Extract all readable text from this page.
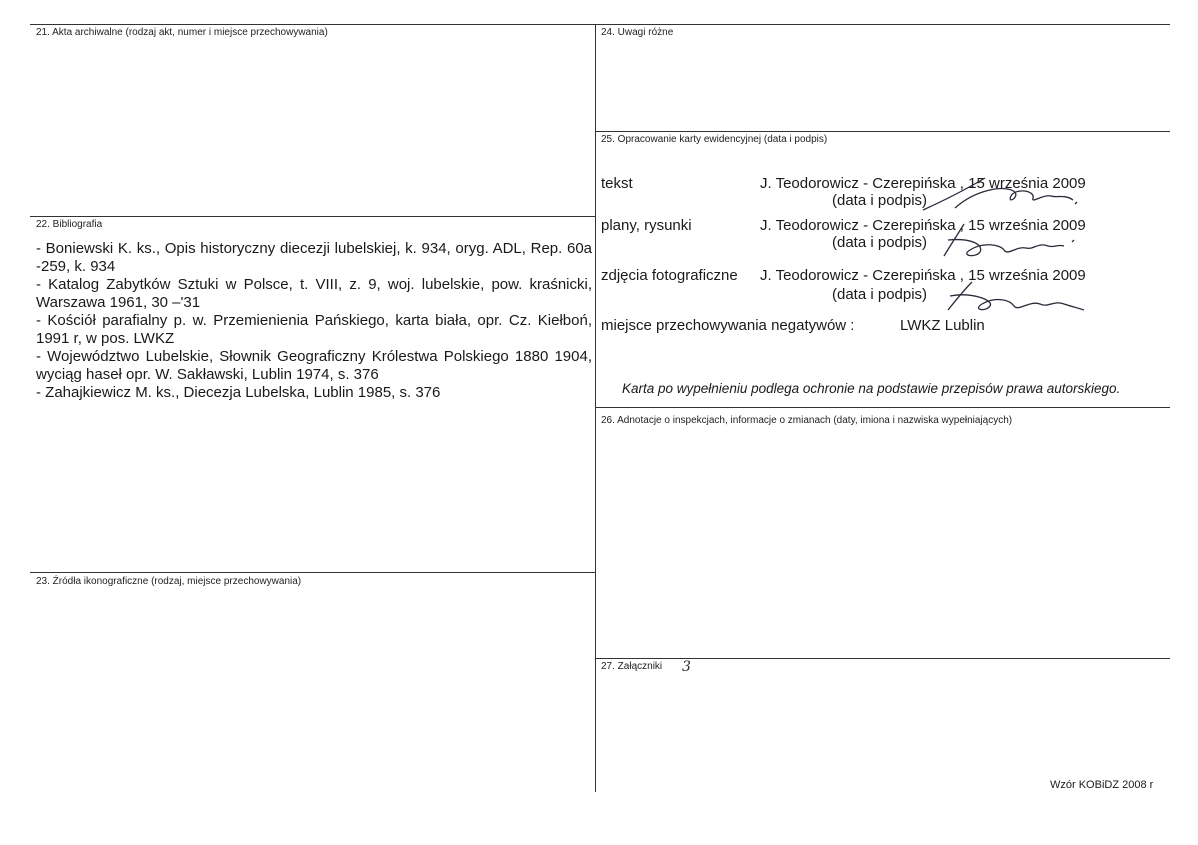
21. Akta archiwalne (rodzaj akt, numer i miejsce przechowywania)
22. Bibliografia
- Boniewski K. ks., Opis historyczny diecezji lubelskiej, k. 934, oryg. ADL, Rep. 60a -259, k. 934
- Katalog Zabytków Sztuki w Polsce, t. VIII, z. 9, woj. lubelskie, pow. kraśnicki, Warszawa 1961, 30 –'31
- Kościół parafialny p. w. Przemienienia Pańskiego, karta biała, opr. Cz. Kiełboń, 1991 r, w pos. LWKZ
- Województwo Lubelskie, Słownik Geograficzny Królestwa Polskiego 1880 1904, wyciąg haseł opr. W. Sakławski, Lublin 1974, s. 376
- Zahajkiewicz M. ks., Diecezja Lubelska, Lublin 1985, s. 376
23. Źródła ikonograficzne (rodzaj, miejsce przechowywania)
24. Uwagi różne
25. Opracowanie karty ewidencyjnej (data i podpis)
tekst	J. Teodorowicz - Czerepińska , 15 września 2009
(data i podpis)
plany, rysunki	J. Teodorowicz - Czerepińska , 15 września 2009
(data i podpis)
zdjęcia fotograficzne J. Teodorowicz - Czerepińska , 15 września 2009
(data i podpis)
miejsce przechowywania negatywów :	LWKZ Lublin
Karta po wypełnieniu podlega ochronie na podstawie przepisów prawa autorskiego.
26. Adnotacje o inspekcjach, informacje o zmianach (daty, imiona i nazwiska wypełniających)
27. Załączniki 3
Wzór KOBiDZ 2008 r
